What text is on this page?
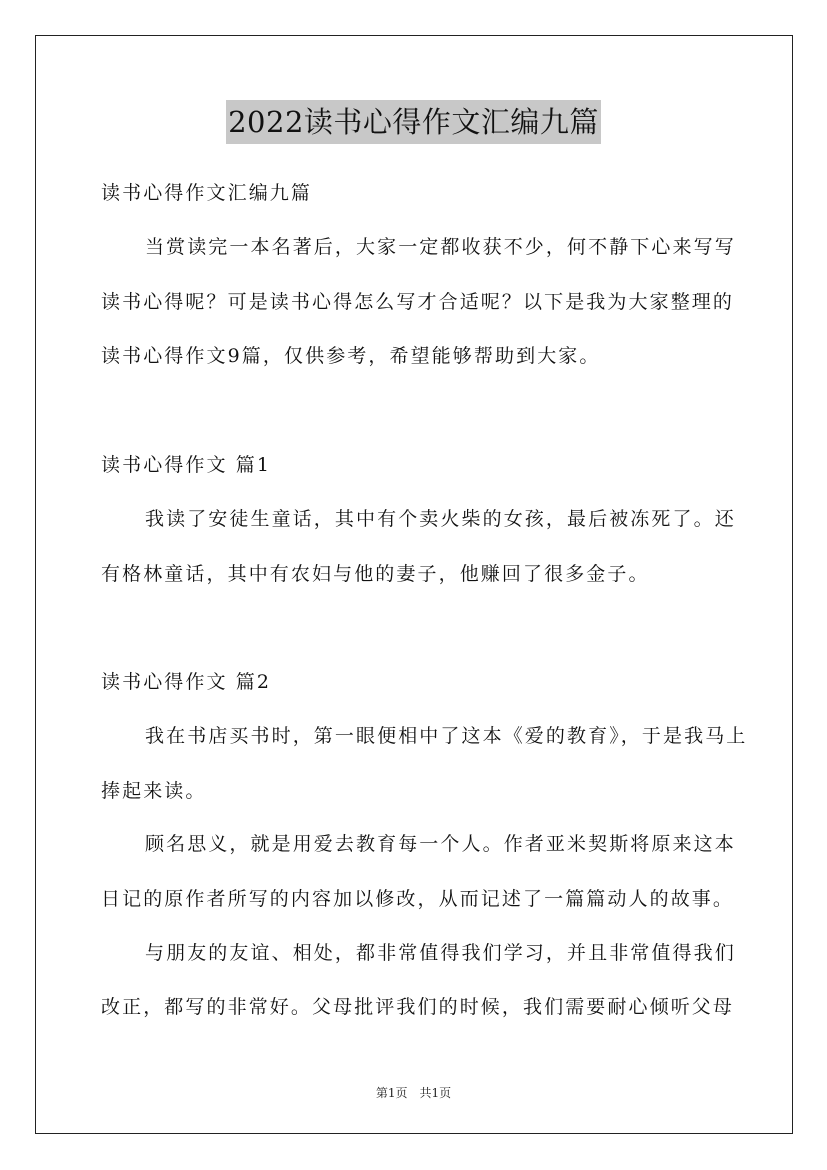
2022读书心得作文汇编九篇
读书心得作文汇编九篇
当赏读完一本名著后，大家一定都收获不少，何不静下心来写写
读书心得呢？可是读书心得怎么写才合适呢？以下是我为大家整理的
读书心得作文9篇，仅供参考，希望能够帮助到大家。
读书心得作文 篇1
我读了安徒生童话，其中有个卖火柴的女孩，最后被冻死了。还
有格林童话，其中有农妇与他的妻子，他赚回了很多金子。
读书心得作文 篇2
我在书店买书时，第一眼便相中了这本《爱的教育》，于是我马上
捧起来读。
顾名思义，就是用爱去教育每一个人。作者亚米契斯将原来这本
日记的原作者所写的内容加以修改，从而记述了一篇篇动人的故事。
与朋友的友谊、相处，都非常值得我们学习，并且非常值得我们
改正，都写的非常好。父母批评我们的时候，我们需要耐心倾听父母
第1页　共1页
